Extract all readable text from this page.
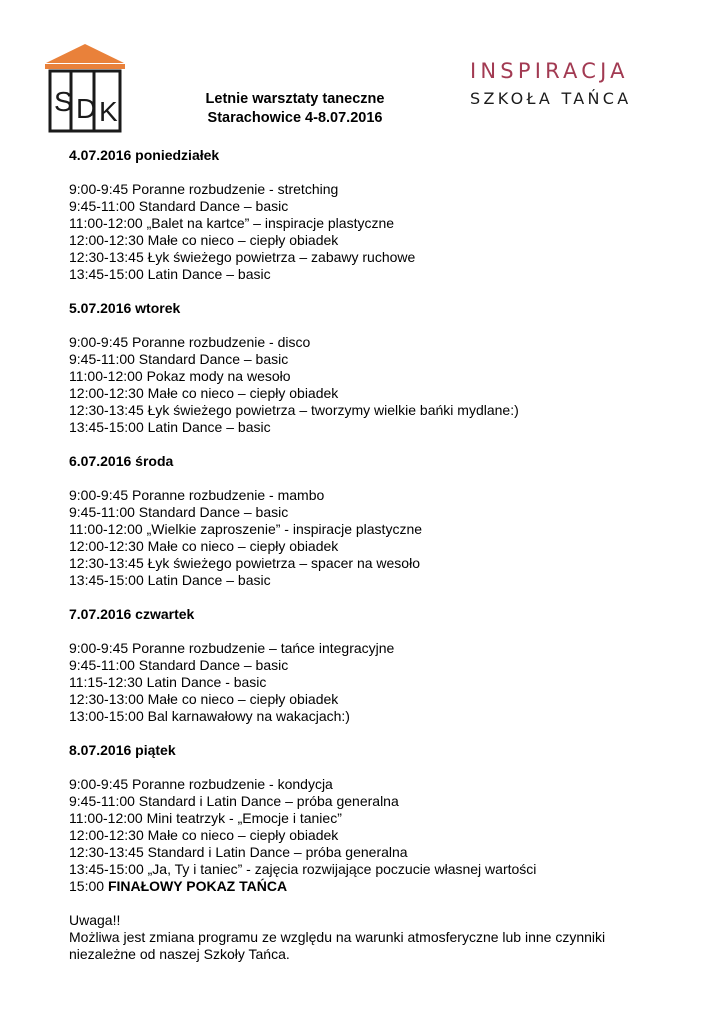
S D K
INSPIRACJA
SZKOŁA TAŃCA
Letnie warsztaty taneczne
Starachowice 4-8.07.2016
4.07.2016 poniedziałek
9:00-9:45 Poranne rozbudzenie - stretching
9:45-11:00 Standard Dance – basic
11:00-12:00 „Balet na kartce” – inspiracje plastyczne
12:00-12:30 Małe co nieco – ciepły obiadek
12:30-13:45 Łyk świeżego powietrza – zabawy ruchowe
13:45-15:00 Latin Dance – basic
5.07.2016 wtorek
9:00-9:45 Poranne rozbudzenie - disco
9:45-11:00 Standard Dance – basic
11:00-12:00 Pokaz mody na wesoło
12:00-12:30 Małe co nieco – ciepły obiadek
12:30-13:45 Łyk świeżego powietrza – tworzymy wielkie bańki mydlane:)
13:45-15:00 Latin Dance – basic
6.07.2016 środa
9:00-9:45 Poranne rozbudzenie - mambo
9:45-11:00 Standard Dance – basic
11:00-12:00 „Wielkie zaproszenie” - inspiracje plastyczne
12:00-12:30 Małe co nieco – ciepły obiadek
12:30-13:45 Łyk świeżego powietrza – spacer na wesoło
13:45-15:00 Latin Dance – basic
7.07.2016 czwartek
9:00-9:45 Poranne rozbudzenie – tańce integracyjne
9:45-11:00 Standard Dance – basic
11:15-12:30 Latin Dance - basic
12:30-13:00 Małe co nieco – ciepły obiadek
13:00-15:00 Bal karnawałowy na wakacjach:)
8.07.2016 piątek
9:00-9:45 Poranne rozbudzenie - kondycja
9:45-11:00 Standard i Latin Dance – próba generalna
11:00-12:00 Mini teatrzyk - „Emocje i taniec”
12:00-12:30 Małe co nieco – ciepły obiadek
12:30-13:45 Standard i Latin Dance – próba generalna
13:45-15:00 „Ja, Ty i taniec” - zajęcia rozwijające poczucie własnej wartości
15:00 FINAŁOWY POKAZ TAŃCA
Uwaga!!
Możliwa jest zmiana programu ze względu na warunki atmosferyczne lub inne czynniki
niezależne od naszej Szkoły Tańca.
